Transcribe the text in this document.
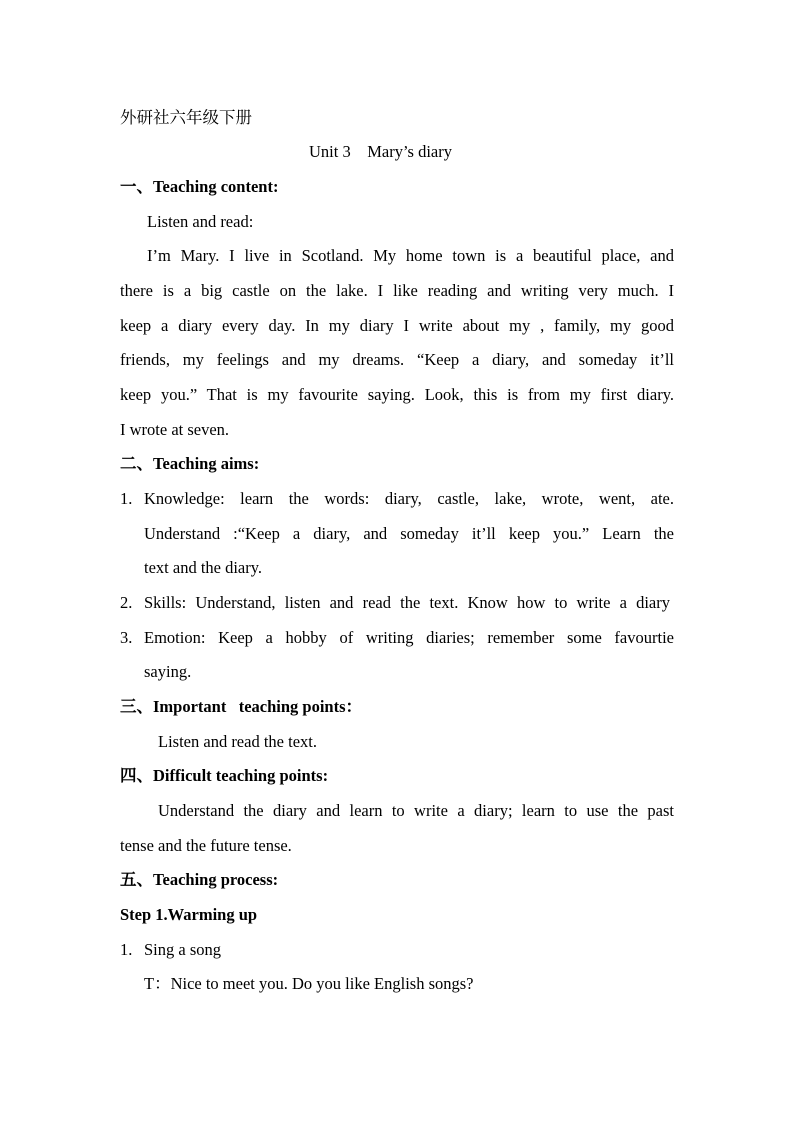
外研社六年级下册
Unit 3    Mary’s diary
一、Teaching content:
Listen and read:
I’m Mary. I live in Scotland. My home town is a beautiful place, and
there is a big castle on the lake. I like reading and writing very much. I
keep a diary every day. In my diary I write about my , family, my good
friends, my feelings and my dreams. “Keep a diary, and someday it’ll
keep you.” That is my favourite saying. Look, this is from my first diary.
I wrote at seven.
二、Teaching aims:
1. Knowledge: learn the words: diary, castle, lake, wrote, went, ate.
Understand :“Keep a diary, and someday it’ll keep you.” Learn the
text and the diary.
2. Skills: Understand, listen and read the text. Know how to write a diary
3. Emotion: Keep a hobby of writing diaries; remember some favourtie
saying.
三、Important   teaching points：
Listen and read the text.
四、Difficult teaching points:
Understand the diary and learn to write a diary; learn to use the past
tense and the future tense.
五、Teaching process:
Step 1.Warming up
1. Sing a song
T：Nice to meet you. Do you like English songs?
